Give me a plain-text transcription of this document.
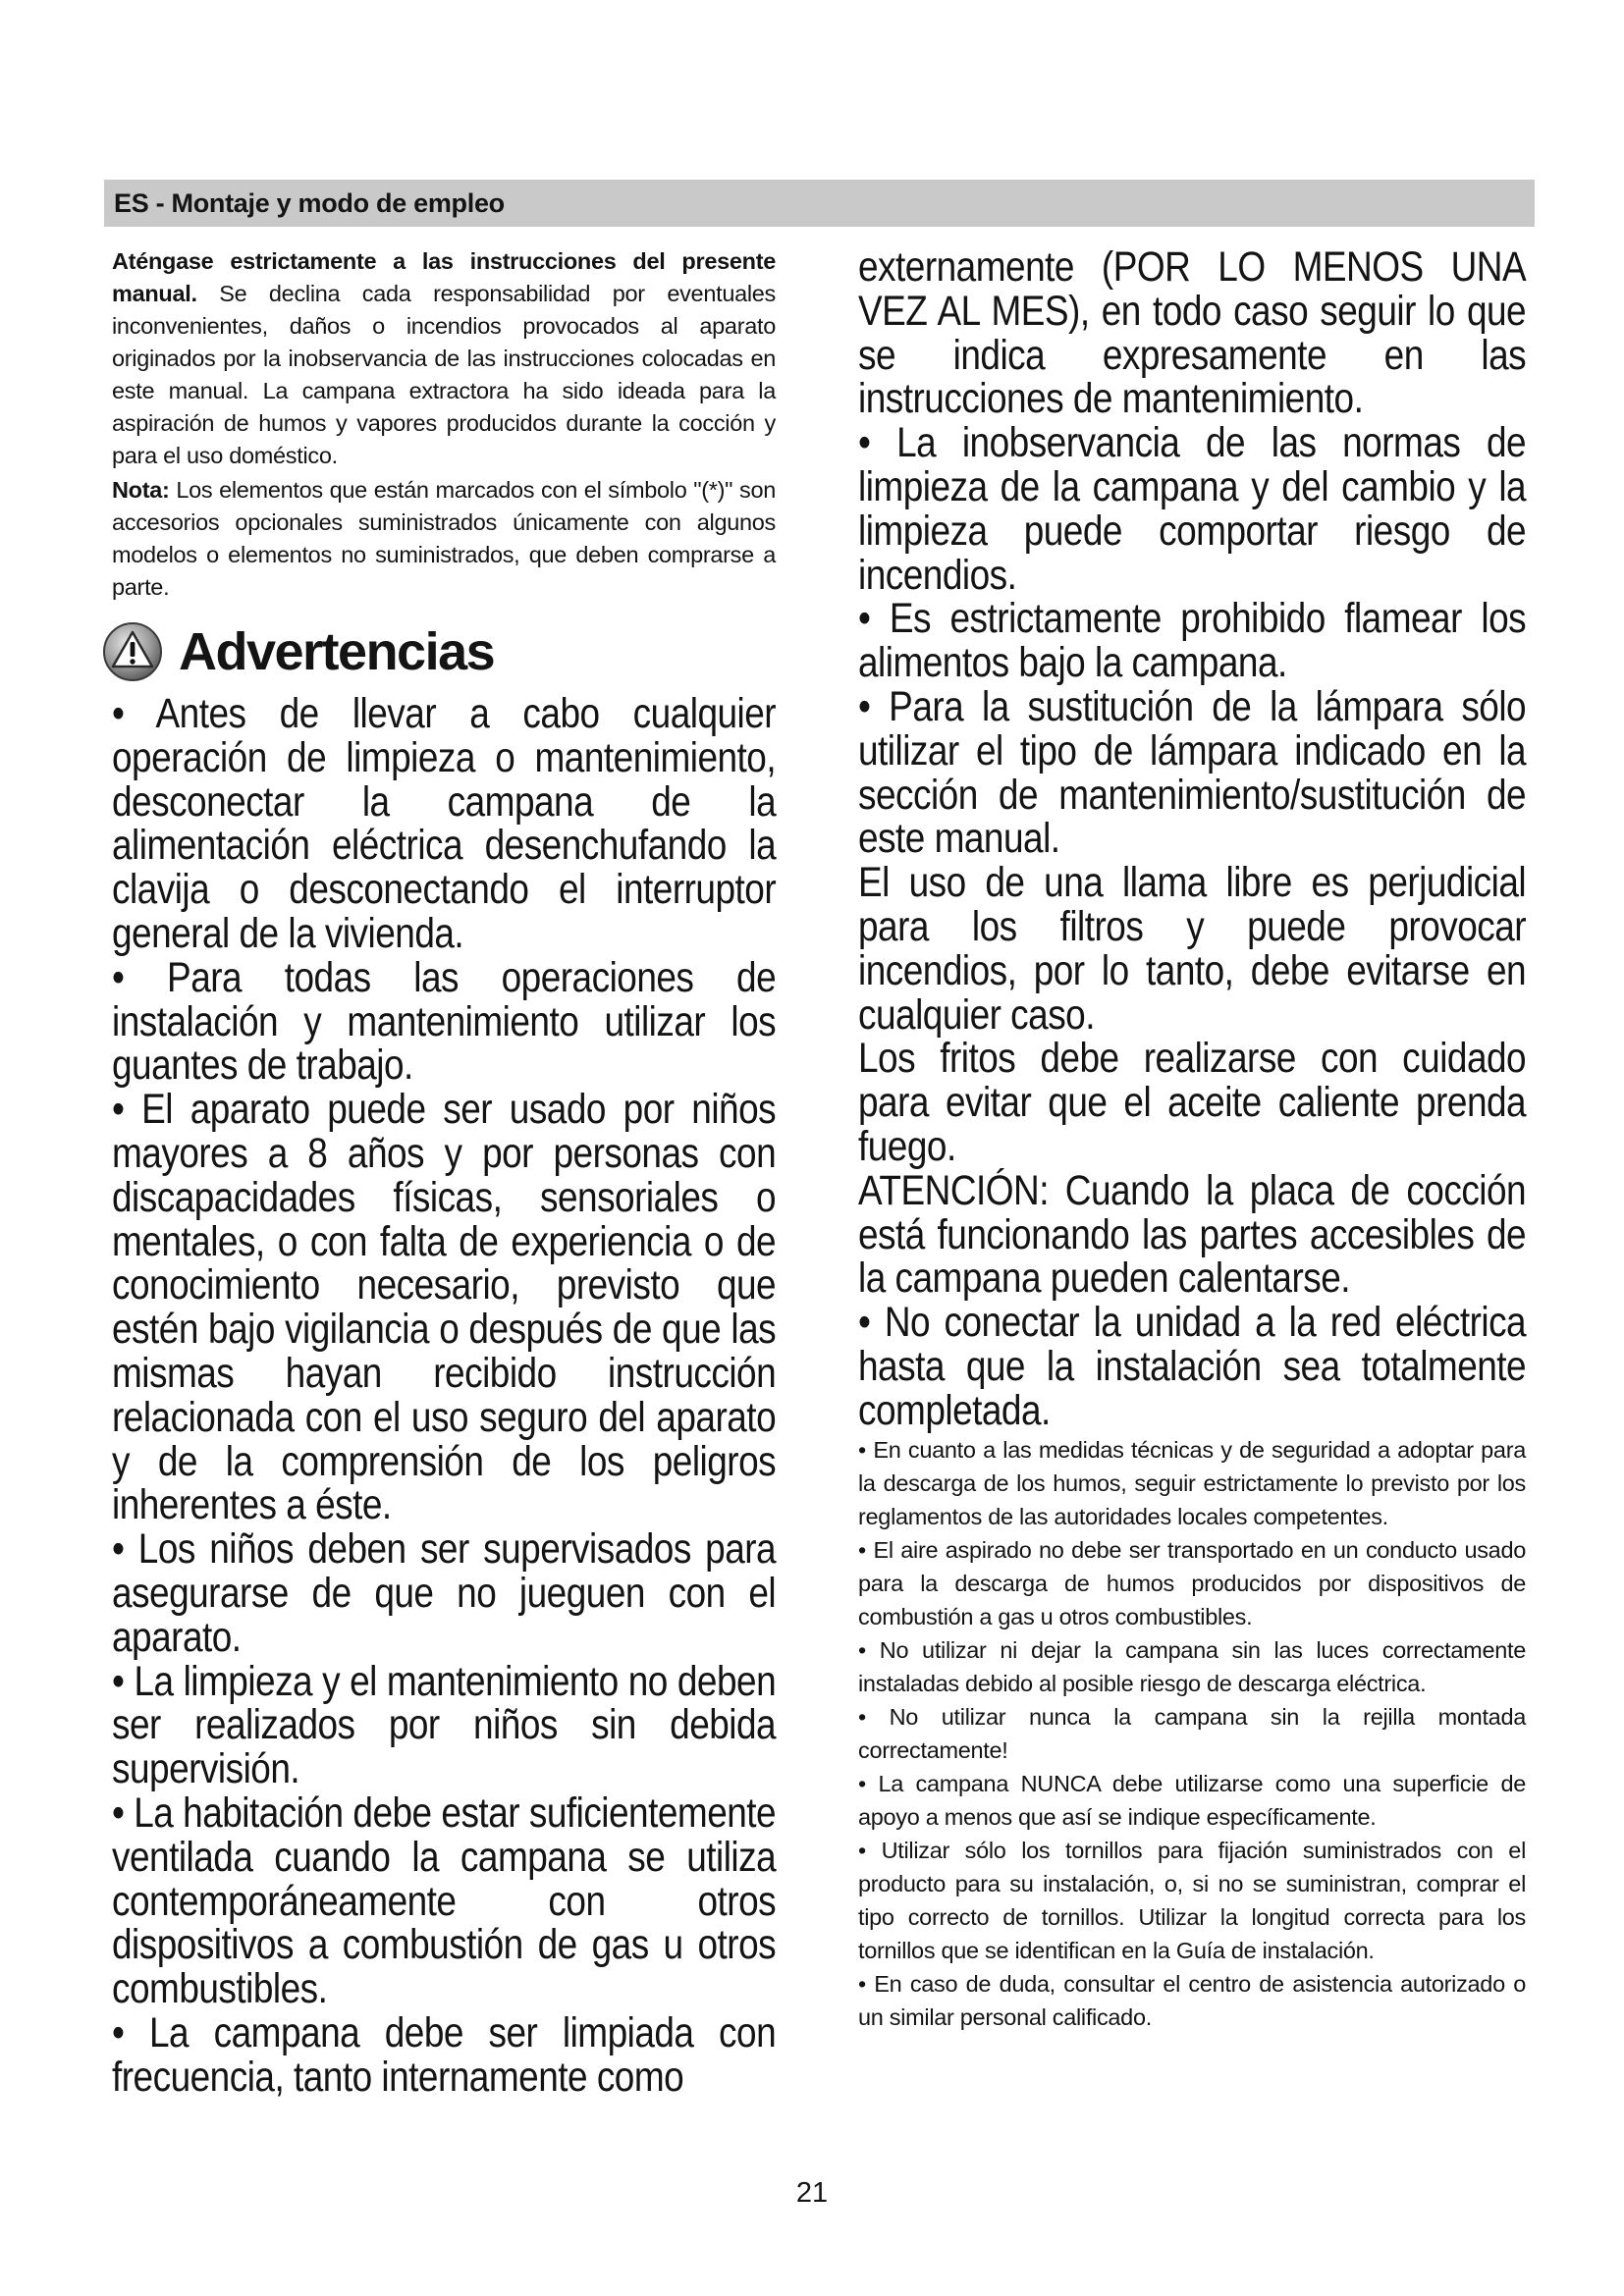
ES - Montaje y modo de empleo

Aténgase estrictamente a las instrucciones del presente manual. Se declina cada responsabilidad por eventuales inconvenientes, daños o incendios provocados al aparato originados por la inobservancia de las instrucciones colocadas en este manual. La campana extractora ha sido ideada para la aspiración de humos y vapores producidos durante la cocción y para el uso doméstico.

Nota: Los elementos que están marcados con el símbolo "(*)" son accesorios opcionales suministrados únicamente con algunos modelos o elementos no suministrados, que deben comprarse a parte.

Advertencias

• Antes de llevar a cabo cualquier operación de limpieza o mantenimiento, desconectar la campana de la alimentación eléctrica desenchufando la clavija o desconectando el interruptor general de la vivienda.

• Para todas las operaciones de instalación y mantenimiento utilizar los guantes de trabajo.

• El aparato puede ser usado por niños mayores a 8 años y por personas con discapacidades físicas, sensoriales o mentales, o con falta de experiencia o de conocimiento necesario, previsto que estén bajo vigilancia o después de que las mismas hayan recibido instrucción relacionada con el uso seguro del aparato y de la comprensión de los peligros inherentes a éste.

• Los niños deben ser supervisados para asegurarse de que no jueguen con el aparato.

• La limpieza y el mantenimiento no deben ser realizados por niños sin debida supervisión.

• La habitación debe estar suficientemente ventilada cuando la campana se utiliza contemporáneamente con otros dispositivos a combustión de gas u otros combustibles.

• La campana debe ser limpiada con frecuencia, tanto internamente como

externamente (POR LO MENOS UNA VEZ AL MES), en todo caso seguir lo que se indica expresamente en las instrucciones de mantenimiento.

• La inobservancia de las normas de limpieza de la campana y del cambio y la limpieza puede comportar riesgo de incendios.

• Es estrictamente prohibido flamear los alimentos bajo la campana.

• Para la sustitución de la lámpara sólo utilizar el tipo de lámpara indicado en la sección de mantenimiento/sustitución de este manual.

El uso de una llama libre es perjudicial para los filtros y puede provocar incendios, por lo tanto, debe evitarse en cualquier caso.

Los fritos debe realizarse con cuidado para evitar que el aceite caliente prenda fuego.

ATENCIÓN: Cuando la placa de cocción está funcionando las partes accesibles de la campana pueden calentarse.

• No conectar la unidad a la red eléctrica hasta que la instalación sea totalmente completada.

• En cuanto a las medidas técnicas y de seguridad a adoptar para la descarga de los humos, seguir estrictamente lo previsto por los reglamentos de las autoridades locales competentes.

• El aire aspirado no debe ser transportado en un conducto usado para la descarga de humos producidos por dispositivos de combustión a gas u otros combustibles.

• No utilizar ni dejar la campana sin las luces correctamente instaladas debido al posible riesgo de descarga eléctrica.

• No utilizar nunca la campana sin la rejilla montada correctamente!

• La campana NUNCA debe utilizarse como una superficie de apoyo a menos que así se indique específicamente.

• Utilizar sólo los tornillos para fijación suministrados con el producto para su instalación, o, si no se suministran, comprar el tipo correcto de tornillos. Utilizar la longitud correcta para los tornillos que se identifican en la Guía de instalación.

• En caso de duda, consultar el centro de asistencia autorizado o un similar personal calificado.

21
